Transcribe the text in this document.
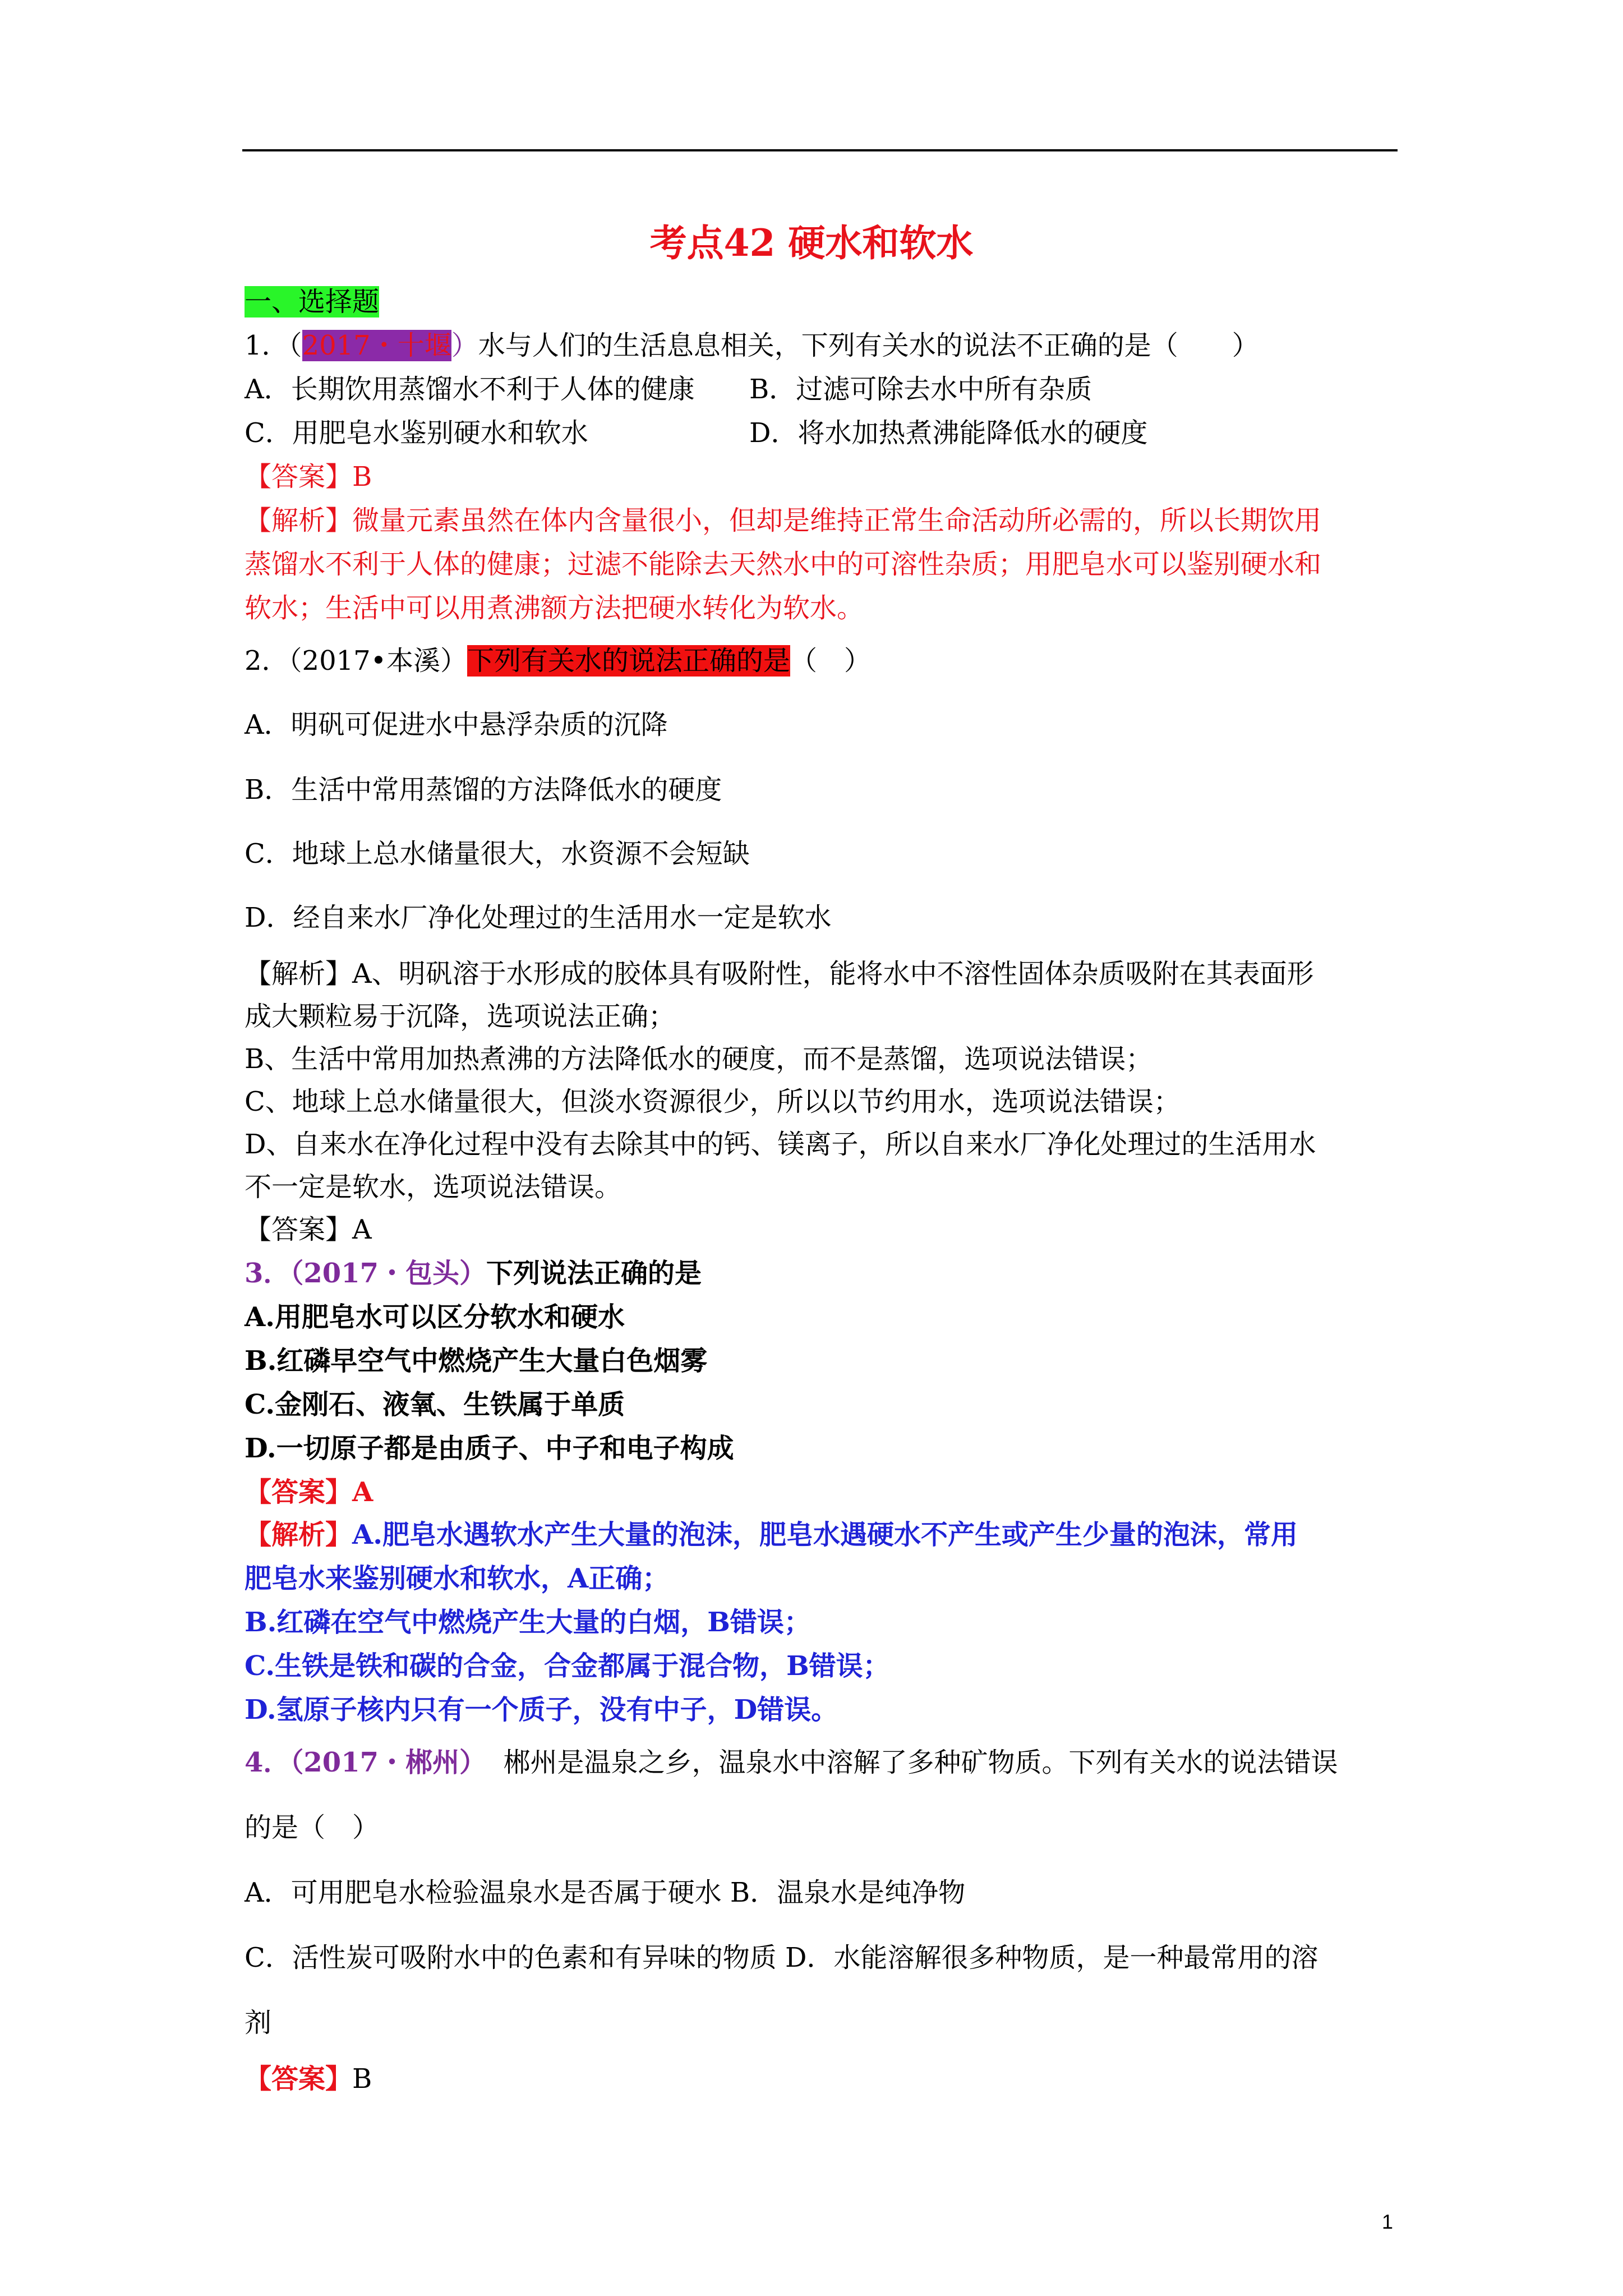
考点42 硬水和软水
一、选择题
1．（2017・十堰）水与人们的生活息息相关，下列有关水的说法不正确的是（　　）
A．长期饮用蒸馏水不利于人体的健康 B．过滤可除去水中所有杂质
C．用肥皂水鉴别硬水和软水	D．将水加热煮沸能降低水的硬度
【答案】B
【解析】微量元素虽然在体内含量很小，但却是维持正常生命活动所必需的，所以长期饮用
蒸馏水不利于人体的健康；过滤不能除去天然水中的可溶性杂质；用肥皂水可以鉴别硬水和
软水；生活中可以用煮沸额方法把硬水转化为软水。
2．（2017•本溪）下列有关水的说法正确的是（　）
A．明矾可促进水中悬浮杂质的沉降
B．生活中常用蒸馏的方法降低水的硬度
C．地球上总水储量很大，水资源不会短缺
D．经自来水厂净化处理过的生活用水一定是软水
【解析】A、明矾溶于水形成的胶体具有吸附性，能将水中不溶性固体杂质吸附在其表面形
成大颗粒易于沉降，选项说法正确；
B、生活中常用加热煮沸的方法降低水的硬度，而不是蒸馏，选项说法错误；
C、地球上总水储量很大，但淡水资源很少，所以以节约用水，选项说法错误；
D、自来水在净化过程中没有去除其中的钙、镁离子，所以自来水厂净化处理过的生活用水
不一定是软水，选项说法错误。
【答案】A
3．（2017・包头）下列说法正确的是
A.用肥皂水可以区分软水和硬水
B.红磷早空气中燃烧产生大量白色烟雾
C.金刚石、液氧、生铁属于单质
D.一切原子都是由质子、中子和电子构成
【答案】A
【解析】A.肥皂水遇软水产生大量的泡沫，肥皂水遇硬水不产生或产生少量的泡沫，常用
肥皂水来鉴别硬水和软水，A正确；
B.红磷在空气中燃烧产生大量的白烟，B错误；
C.生铁是铁和碳的合金，合金都属于混合物，B错误；
D.氢原子核内只有一个质子，没有中子，D错误。
4．（2017・郴州）  郴州是温泉之乡，温泉水中溶解了多种矿物质。下列有关水的说法错误
的是（　）
A．可用肥皂水检验温泉水是否属于硬水 B．温泉水是纯净物
C．活性炭可吸附水中的色素和有异味的物质 D．水能溶解很多种物质，是一种最常用的溶
剂
【答案】B
1
